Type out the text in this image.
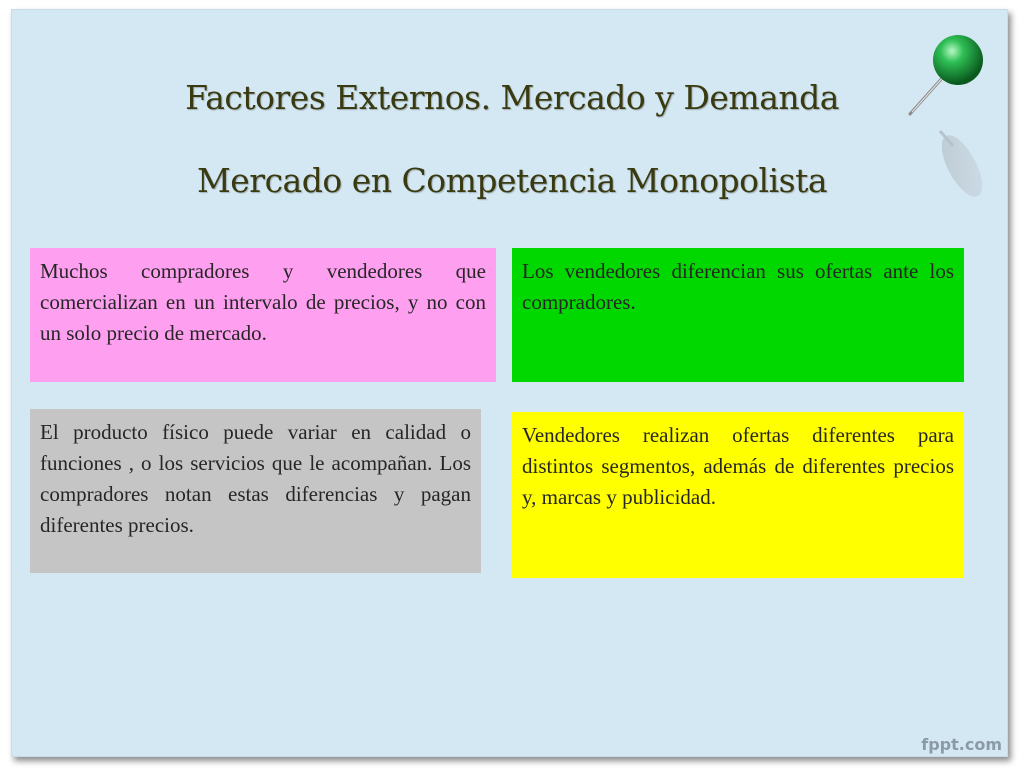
Factores Externos. Mercado y Demanda
Mercado en Competencia Monopolista

Muchos compradores y vendedores que comercializan en un intervalo de precios, y no con un solo precio de mercado.

Los vendedores diferencian sus ofertas ante los compradores.

El producto físico puede variar en calidad o funciones , o los servicios que le acompañan. Los compradores notan estas diferencias y pagan diferentes precios.

Vendedores realizan ofertas diferentes para distintos segmentos, además de diferentes precios y, marcas y publicidad.

fppt.com
